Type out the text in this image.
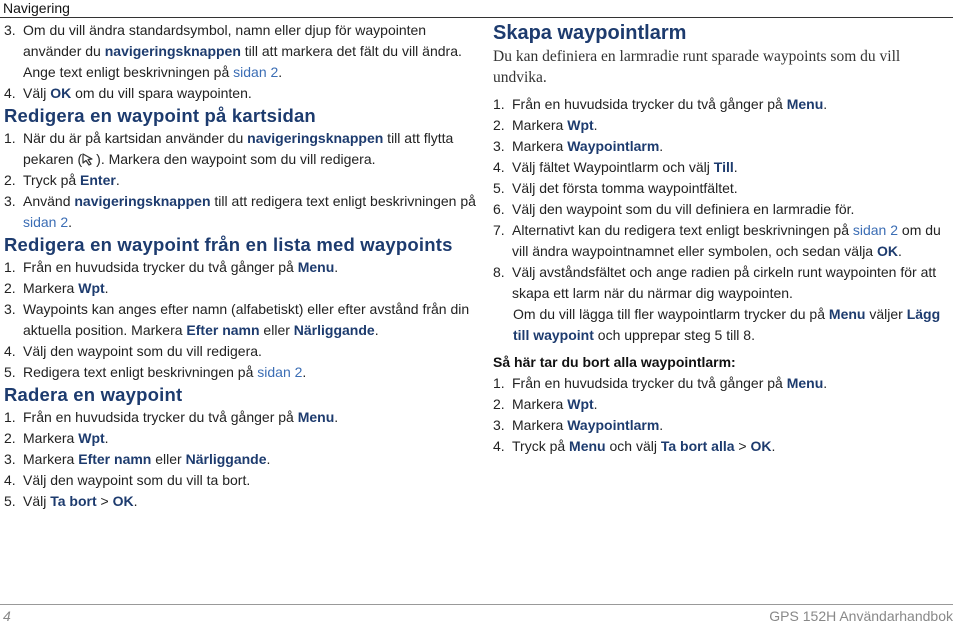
Navigering
3. Om du vill ändra standardsymbol, namn eller djup för waypointen använder du navigeringsknappen till att markera det fält du vill ändra. Ange text enligt beskrivningen på sidan 2.
4. Välj OK om du vill spara waypointen.

Redigera en waypoint på kartsidan

1. När du är på kartsidan använder du navigeringsknappen till att flytta pekaren ( ). Markera den waypoint som du vill redigera.
2. Tryck på Enter.
3. Använd navigeringsknappen till att redigera text enligt beskrivningen på sidan 2.

Redigera en waypoint från en lista med waypoints

1. Från en huvudsida trycker du två gånger på Menu.
2. Markera Wpt.
3. Waypoints kan anges efter namn (alfabetiskt) eller efter avstånd från din aktuella position. Markera Efter namn eller Närliggande.
4. Välj den waypoint som du vill redigera.
5. Redigera text enligt beskrivningen på sidan 2.

Radera en waypoint

1. Från en huvudsida trycker du två gånger på Menu.
2. Markera Wpt.
3. Markera Efter namn eller Närliggande.
4. Välj den waypoint som du vill ta bort.
5. Välj Ta bort > OK.

Skapa waypointlarm

Du kan definiera en larmradie runt sparade waypoints som du vill undvika.

1. Från en huvudsida trycker du två gånger på Menu.
2. Markera Wpt.
3. Markera Waypointlarm.
4. Välj fältet Waypointlarm och välj Till.
5. Välj det första tomma waypointfältet.
6. Välj den waypoint som du vill definiera en larmradie för.
7. Alternativt kan du redigera text enligt beskrivningen på sidan 2 om du vill ändra waypointnamnet eller symbolen, och sedan välja OK.
8. Välj avståndsfältet och ange radien på cirkeln runt waypointen för att skapa ett larm när du närmar dig waypointen.

Om du vill lägga till fler waypointlarm trycker du på Menu väljer Lägg till waypoint och upprepar steg 5 till 8.

Så här tar du bort alla waypointlarm:

1. Från en huvudsida trycker du två gånger på Menu.
2. Markera Wpt.
3. Markera Waypointlarm.
4. Tryck på Menu och välj Ta bort alla > OK.
4	GPS 152H Användarhandbok
